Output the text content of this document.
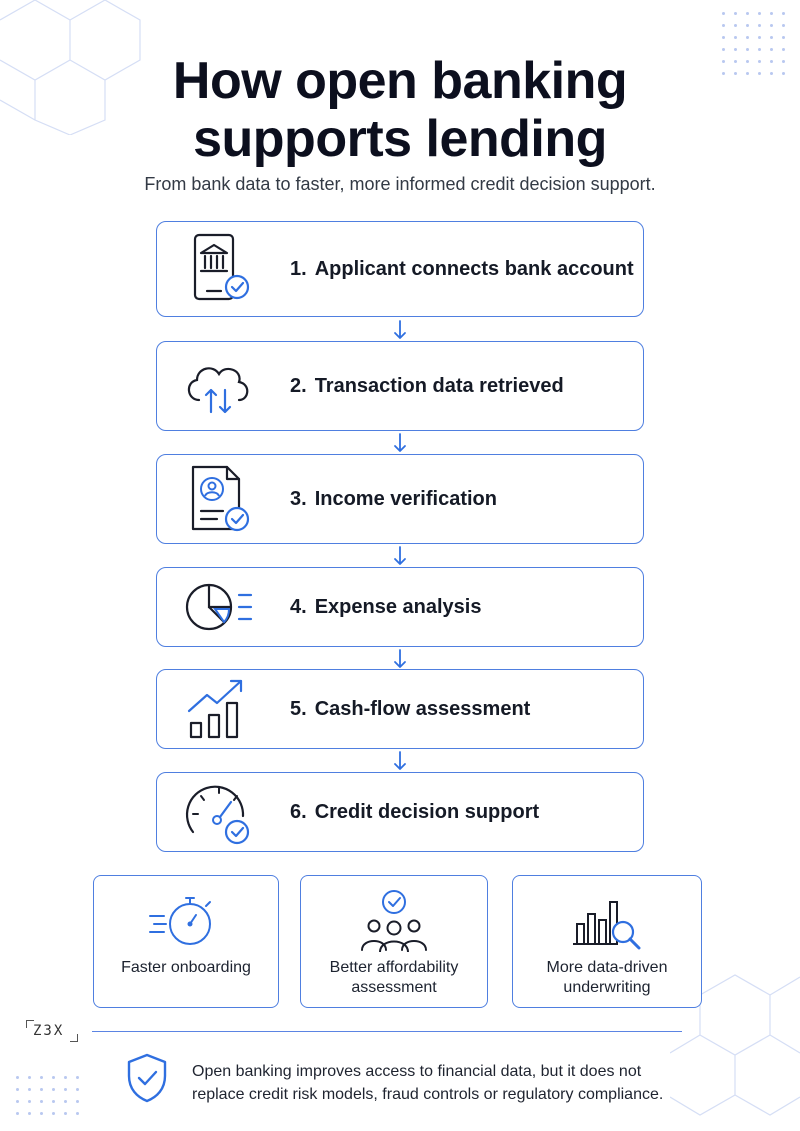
How open banking
supports lending

From bank data to faster, more informed credit decision support.

1. Applicant connects bank account
2. Transaction data retrieved
3. Income verification
4. Expense analysis
5. Cash-flow assessment
6. Credit decision support
Faster onboarding	Better affordability
assessment
More data-driven
underwriting
Z3X
Open banking improves access to financial data, but it does not
replace credit risk models, fraud controls or regulatory compliance.
